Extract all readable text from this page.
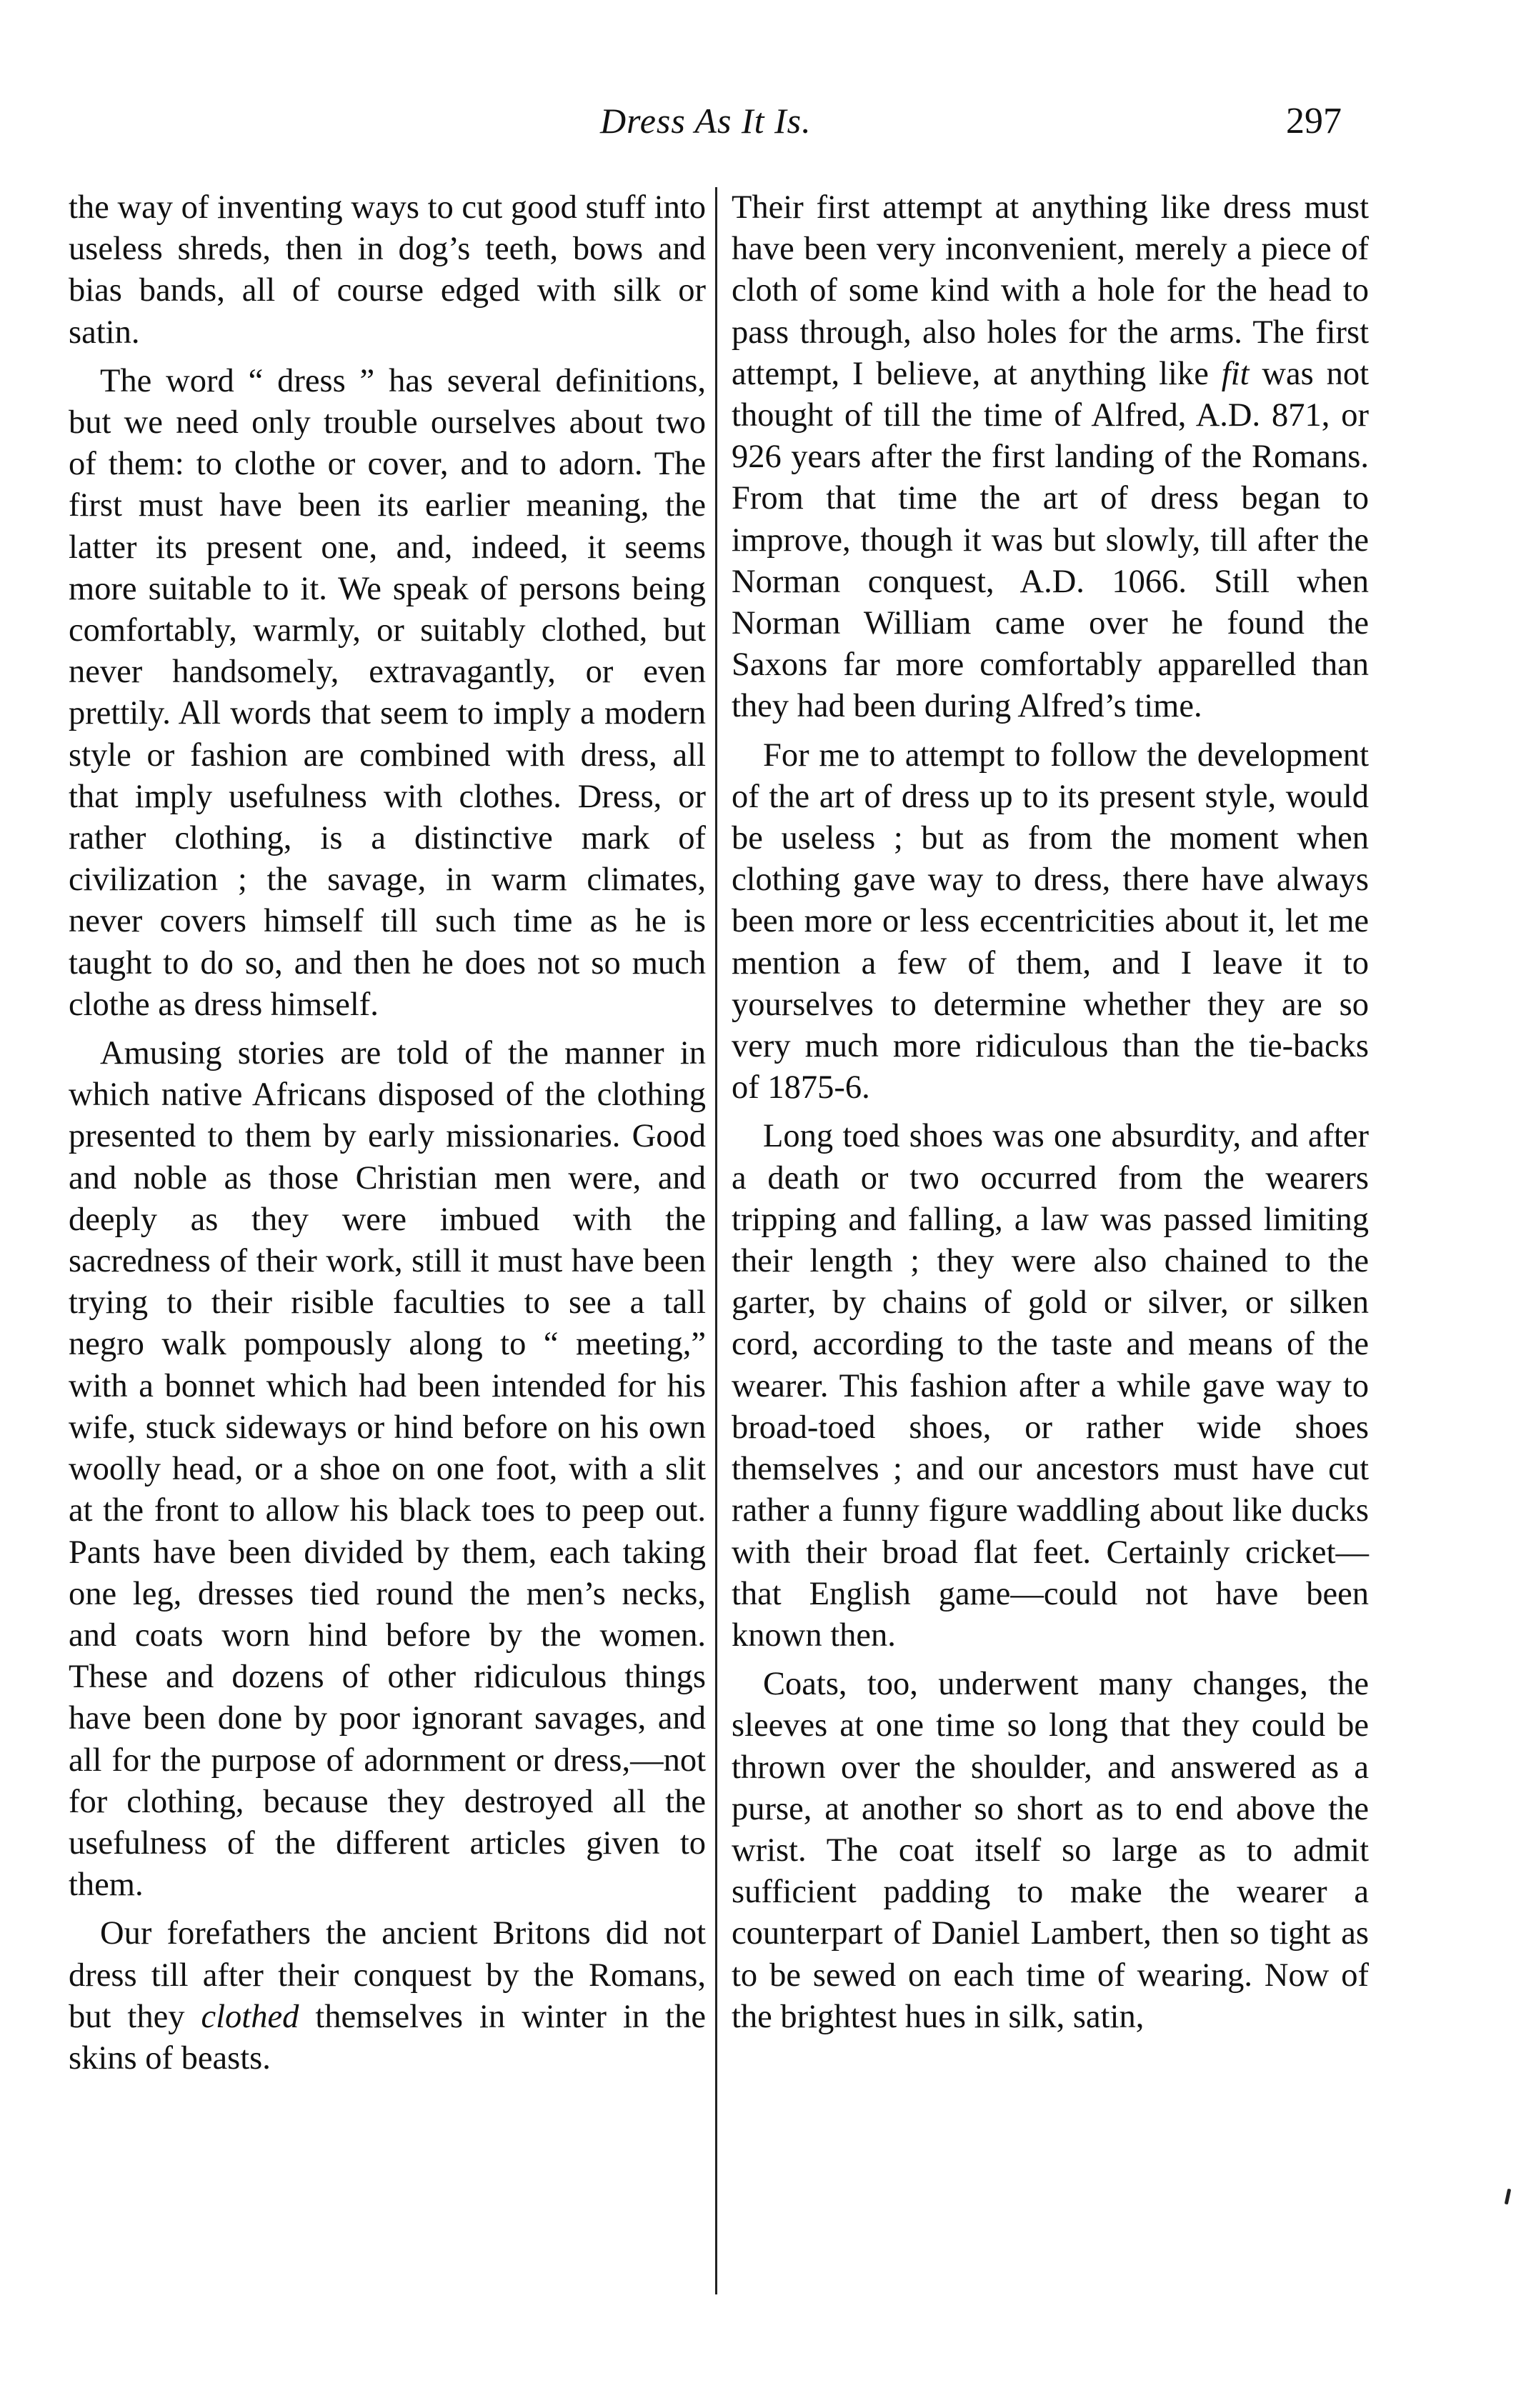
Dress As It Is.	297

the way of inventing ways to cut good stuff into useless shreds, then in dog’s teeth, bows and bias bands, all of course edged with silk or satin.

The word “ dress ” has several definitions, but we need only trouble ourselves about two of them: to clothe or cover, and to adorn. The first must have been its earlier meaning, the latter its present one, and, indeed, it seems more suitable to it. We speak of persons being comfortably, warmly, or suitably clothed, but never handsomely, extravagantly, or even prettily. All words that seem to imply a modern style or fashion are combined with dress, all that imply usefulness with clothes. Dress, or rather clothing, is a distinctive mark of civilization ; the savage, in warm climates, never covers himself till such time as he is taught to do so, and then he does not so much clothe as dress himself.

Amusing stories are told of the manner in which native Africans disposed of the clothing presented to them by early missionaries. Good and noble as those Christian men were, and deeply as they were imbued with the sacredness of their work, still it must have been trying to their risible faculties to see a tall negro walk pompously along to “ meeting,” with a bonnet which had been intended for his wife, stuck sideways or hind before on his own woolly head, or a shoe on one foot, with a slit at the front to allow his black toes to peep out. Pants have been divided by them, each taking one leg, dresses tied round the men’s necks, and coats worn hind before by the women. These and dozens of other ridiculous things have been done by poor ignorant savages, and all for the purpose of adornment or dress,—not for clothing, because they destroyed all the usefulness of the different articles given to them.

Our forefathers the ancient Britons did not dress till after their conquest by the Romans, but they clothed themselves in winter in the skins of beasts.

Their first attempt at anything like dress must have been very inconvenient, merely a piece of cloth of some kind with a hole for the head to pass through, also holes for the arms. The first attempt, I believe, at anything like fit was not thought of till the time of Alfred, A.D. 871, or 926 years after the first landing of the Romans. From that time the art of dress began to improve, though it was but slowly, till after the Norman conquest, A.D. 1066. Still when Norman William came over he found the Saxons far more comfortably apparelled than they had been during Alfred’s time.

For me to attempt to follow the development of the art of dress up to its present style, would be useless ; but as from the moment when clothing gave way to dress, there have always been more or less eccentricities about it, let me mention a few of them, and I leave it to yourselves to determine whether they are so very much more ridiculous than the tie-backs of 1875-6.

Long toed shoes was one absurdity, and after a death or two occurred from the wearers tripping and falling, a law was passed limiting their length ; they were also chained to the garter, by chains of gold or silver, or silken cord, according to the taste and means of the wearer. This fashion after a while gave way to broad-toed shoes, or rather wide shoes themselves ; and our ancestors must have cut rather a funny figure waddling about like ducks with their broad flat feet. Certainly cricket—that English game—could not have been known then.

Coats, too, underwent many changes, the sleeves at one time so long that they could be thrown over the shoulder, and answered as a purse, at another so short as to end above the wrist. The coat itself so large as to admit sufficient padding to make the wearer a counterpart of Daniel Lambert, then so tight as to be sewed on each time of wearing. Now of the brightest hues in silk, satin,
